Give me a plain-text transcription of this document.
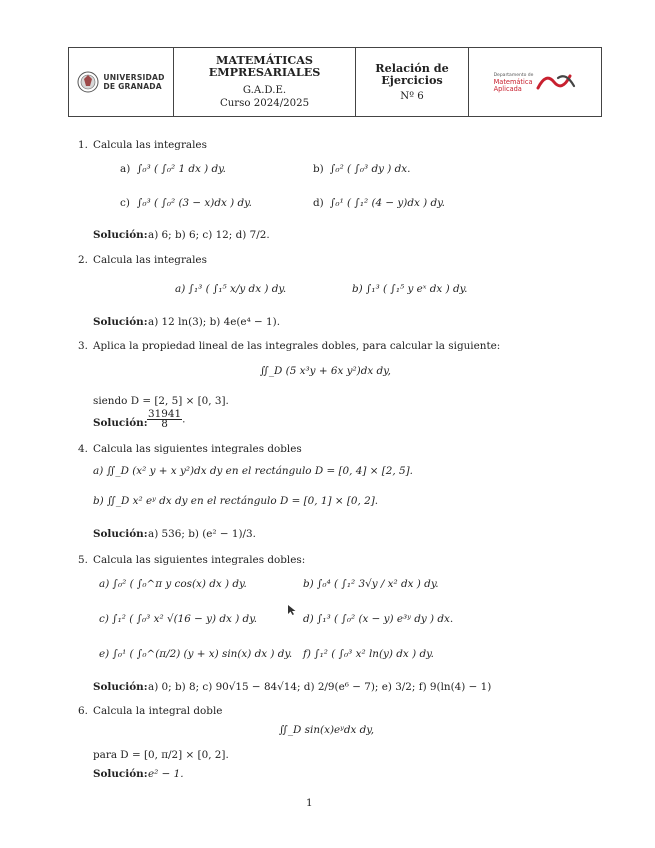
UNIVERSIDAD
DE GRANADA
MATEMÁTICAS
EMPRESARIALES
G.A.D.E.
Curso 2024/2025
Relación de
Ejercicios
Nº 6
Departamento de
Matemática
Aplicada
1. Calcula las integrales
a) ∫₀³ ( ∫₀² 1 dx ) dy.	b) ∫₀² ( ∫₀³ dy ) dx.
c) ∫₀³ ( ∫₀² (3 − x)dx ) dy.	d) ∫₀¹ ( ∫₁² (4 − y)dx ) dy.
Solución: a) 6; b) 6; c) 12; d) 7/2.
2. Calcula las integrales
a) ∫₁³ ( ∫₁⁵ x/y dx ) dy.	b) ∫₁³ ( ∫₁⁵ y eˣ dx ) dy.
Solución: a) 12 ln(3); b) 4e(e⁴ − 1).
3. Aplica la propiedad lineal de las integrales dobles, para calcular la siguiente:
∬_D (5 x³y + 6x y²)dx dy,
siendo D = [2, 5] × [0, 3].
Solución: $\frac{31941}{8}$ .
4. Calcula las siguientes integrales dobles
a) ∬_D (x² y + x y²)dx dy en el rectángulo D = [0, 4] × [2, 5].
b) ∬_D x² eʸ dx dy en el rectángulo D = [0, 1] × [0, 2].
Solución: a) 536; b) (e² − 1)/3.
5. Calcula las siguientes integrales dobles:
a) ∫₀² ( ∫₀^π y cos(x) dx ) dy.	b) ∫₀⁴ ( ∫₁² 3√y / x² dx ) dy.
c) ∫₁² ( ∫₀³ x² √(16 − y) dx ) dy.	d) ∫₁³ ( ∫₀² (x − y) e³ʸ dy ) dx.
e) ∫₀¹ ( ∫₀^(π/2) (y + x) sin(x) dx ) dy. f) ∫₁² ( ∫₀³ x² ln(y) dx ) dy.
Solución: a) 0; b) 8; c) 90√15 − 84√14; d) 2/9(e⁶ − 7); e) 3/2; f) 9(ln(4) − 1)
6. Calcula la integral doble
∬_D sin(x)eʸdx dy,
para D = [0, π/2] × [0, 2].
Solución: e² − 1.
1
